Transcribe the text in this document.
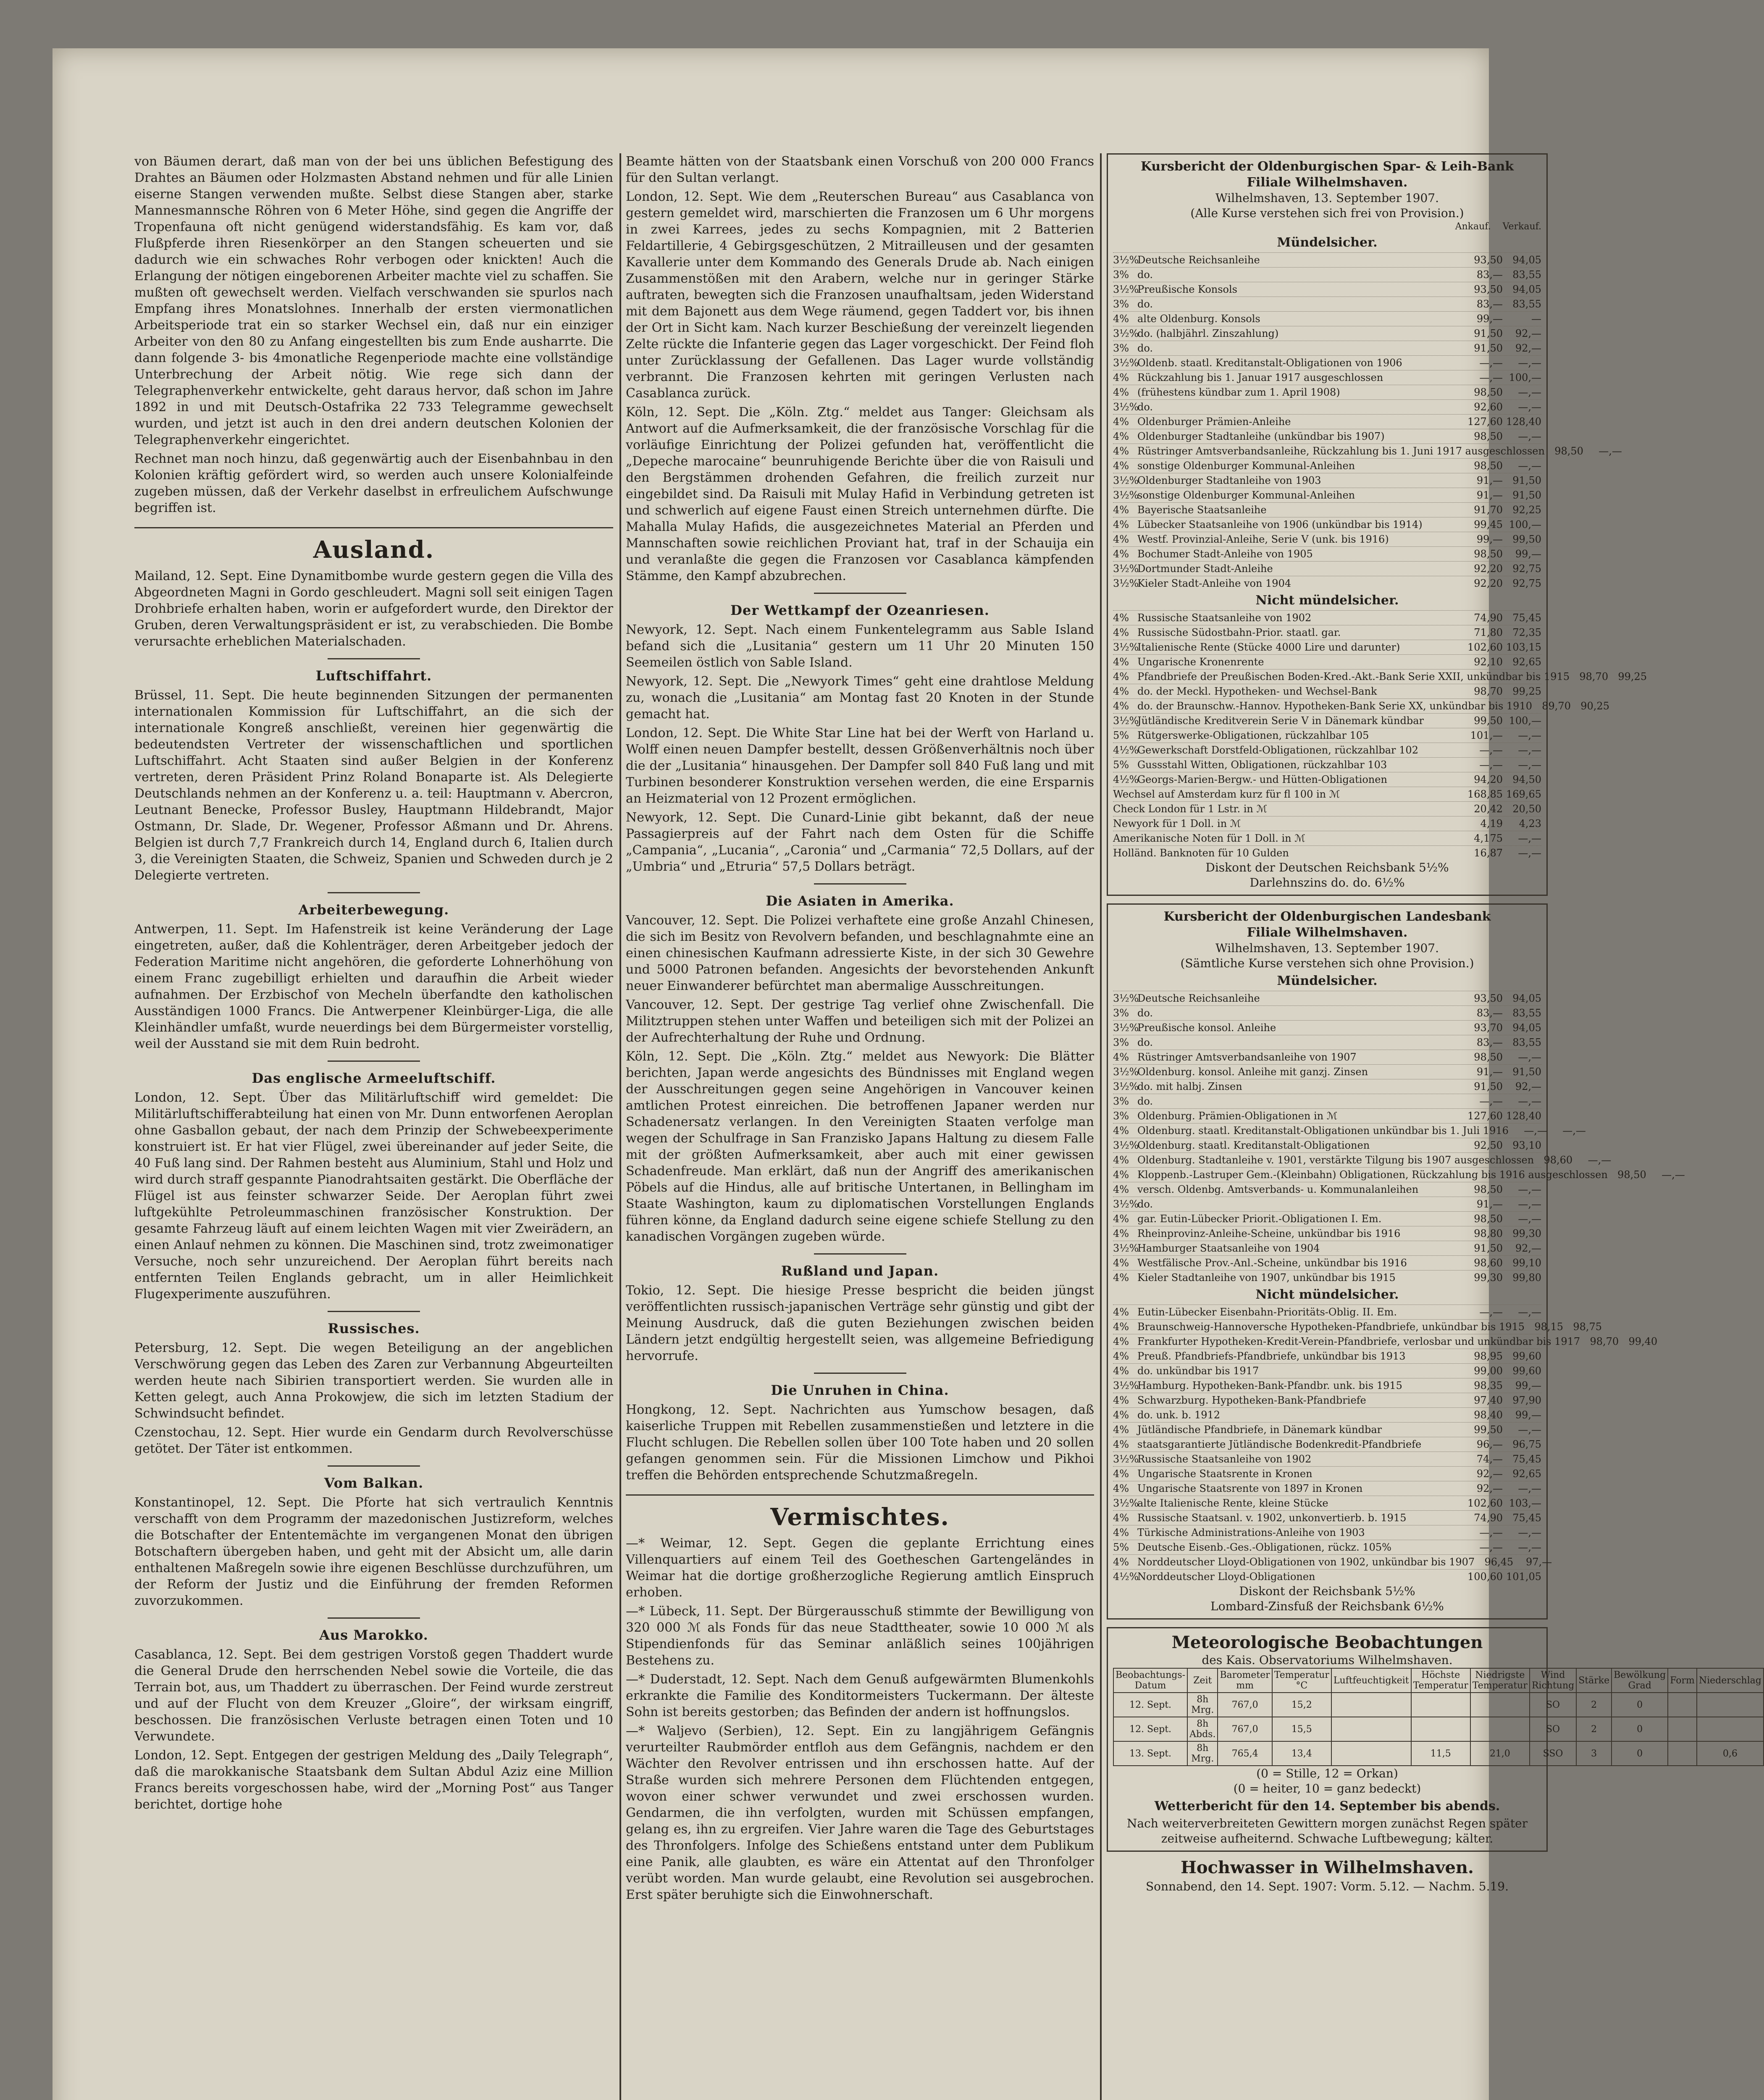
von Bäumen derart, daß man von der bei uns üblichen Befestigung des Drahtes an Bäumen oder Holzmasten Abstand nehmen und für alle Linien eiserne Stangen verwenden mußte. Selbst diese Stangen aber, starke Mannesmannsche Röhren von 6 Meter Höhe, sind gegen die Angriffe der Tropenfauna oft nicht genügend widerstandsfähig. Es kam vor, daß Flußpferde ihren Riesenkörper an den Stangen scheuerten und sie dadurch wie ein schwaches Rohr verbogen oder knickten! Auch die Erlangung der nötigen eingeborenen Arbeiter machte viel zu schaffen. Sie mußten oft gewechselt werden. Vielfach verschwanden sie spurlos nach Empfang ihres Monatslohnes. Innerhalb der ersten viermonatlichen Arbeitsperiode trat ein so starker Wechsel ein, daß nur ein einziger Arbeiter von den 80 zu Anfang eingestellten bis zum Ende ausharrte. Die dann folgende 3- bis 4monatliche Regenperiode machte eine vollständige Unterbrechung der Arbeit nötig. Wie rege sich dann der Telegraphenverkehr entwickelte, geht daraus hervor, daß schon im Jahre 1892 in und mit Deutsch-Ostafrika 22 733 Telegramme gewechselt wurden, und jetzt ist auch in den drei andern deutschen Kolonien der Telegraphenverkehr eingerichtet.

Rechnet man noch hinzu, daß gegenwärtig auch der Eisenbahnbau in den Kolonien kräftig gefördert wird, so werden auch unsere Kolonialfeinde zugeben müssen, daß der Verkehr daselbst in erfreulichem Aufschwunge begriffen ist.

Ausland.

Mailand, 12. Sept. Eine Dynamitbombe wurde gestern gegen die Villa des Abgeordneten Magni in Gordo geschleudert. Magni soll seit einigen Tagen Drohbriefe erhalten haben, worin er aufgefordert wurde, den Direktor der Gruben, deren Verwaltungspräsident er ist, zu verabschieden. Die Bombe verursachte erheblichen Materialschaden.

Luftschiffahrt.

Brüssel, 11. Sept. Die heute beginnenden Sitzungen der permanenten internationalen Kommission für Luftschiffahrt, an die sich der internationale Kongreß anschließt, vereinen hier gegenwärtig die bedeutendsten Vertreter der wissenschaftlichen und sportlichen Luftschiffahrt. Acht Staaten sind außer Belgien in der Konferenz vertreten, deren Präsident Prinz Roland Bonaparte ist. Als Delegierte Deutschlands nehmen an der Konferenz u. a. teil: Hauptmann v. Abercron, Leutnant Benecke, Professor Busley, Hauptmann Hildebrandt, Major Ostmann, Dr. Slade, Dr. Wegener, Professor Aßmann und Dr. Ahrens. Belgien ist durch 7,7 Frankreich durch 14, England durch 6, Italien durch 3, die Vereinigten Staaten, die Schweiz, Spanien und Schweden durch je 2 Delegierte vertreten.

Arbeiterbewegung.

Antwerpen, 11. Sept. Im Hafenstreik ist keine Veränderung der Lage eingetreten, außer, daß die Kohlenträger, deren Arbeitgeber jedoch der Federation Maritime nicht angehören, die geforderte Lohnerhöhung von einem Franc zugebilligt erhielten und daraufhin die Arbeit wieder aufnahmen. Der Erzbischof von Mecheln überfandte den katholischen Ausständigen 1000 Francs. Die Antwerpener Kleinbürger-Liga, die alle Kleinhändler umfaßt, wurde neuerdings bei dem Bürgermeister vorstellig, weil der Ausstand sie mit dem Ruin bedroht.

Das englische Armeeluftschiff.

London, 12. Sept. Über das Militärluftschiff wird gemeldet: Die Militärluftschifferabteilung hat einen von Mr. Dunn entworfenen Aeroplan ohne Gasballon gebaut, der nach dem Prinzip der Schwebeexperimente konstruiert ist. Er hat vier Flügel, zwei übereinander auf jeder Seite, die 40 Fuß lang sind. Der Rahmen besteht aus Aluminium, Stahl und Holz und wird durch straff gespannte Pianodrahtsaiten gestärkt. Die Oberfläche der Flügel ist aus feinster schwarzer Seide. Der Aeroplan führt zwei luftgekühlte Petroleummaschinen französischer Konstruktion. Der gesamte Fahrzeug läuft auf einem leichten Wagen mit vier Zweirädern, an einen Anlauf nehmen zu können. Die Maschinen sind, trotz zweimonatiger Versuche, noch sehr unzureichend. Der Aeroplan führt bereits nach entfernten Teilen Englands gebracht, um in aller Heimlichkeit Flugexperimente auszuführen.

Russisches.

Petersburg, 12. Sept. Die wegen Beteiligung an der angeblichen Verschwörung gegen das Leben des Zaren zur Verbannung Abgeurteilten werden heute nach Sibirien transportiert werden. Sie wurden alle in Ketten gelegt, auch Anna Prokowjew, die sich im letzten Stadium der Schwindsucht befindet.

Czenstochau, 12. Sept. Hier wurde ein Gendarm durch Revolverschüsse getötet. Der Täter ist entkommen.

Vom Balkan.

Konstantinopel, 12. Sept. Die Pforte hat sich vertraulich Kenntnis verschafft von dem Programm der mazedonischen Justizreform, welches die Botschafter der Ententemächte im vergangenen Monat den übrigen Botschaftern übergeben haben, und geht mit der Absicht um, alle darin enthaltenen Maßregeln sowie ihre eigenen Beschlüsse durchzuführen, um der Reform der Justiz und die Einführung der fremden Reformen zuvorzukommen.

Aus Marokko.

Casablanca, 12. Sept. Bei dem gestrigen Vorstoß gegen Thaddert wurde die General Drude den herrschenden Nebel sowie die Vorteile, die das Terrain bot, aus, um Thaddert zu überraschen. Der Feind wurde zerstreut und auf der Flucht von dem Kreuzer „Gloire“, der wirksam eingriff, beschossen. Die französischen Verluste betragen einen Toten und 10 Verwundete.

London, 12. Sept. Entgegen der gestrigen Meldung des „Daily Telegraph“, daß die marokkanische Staatsbank dem Sultan Abdul Aziz eine Million Francs bereits vorgeschossen habe, wird der „Morning Post“ aus Tanger berichtet, dortige hohe

Beamte hätten von der Staatsbank einen Vorschuß von 200 000 Francs für den Sultan verlangt.

London, 12. Sept. Wie dem „Reuterschen Bureau“ aus Casablanca von gestern gemeldet wird, marschierten die Franzosen um 6 Uhr morgens in zwei Karrees, jedes zu sechs Kompagnien, mit 2 Batterien Feldartillerie, 4 Gebirgsgeschützen, 2 Mitrailleusen und der gesamten Kavallerie unter dem Kommando des Generals Drude ab. Nach einigen Zusammenstößen mit den Arabern, welche nur in geringer Stärke auftraten, bewegten sich die Franzosen unaufhaltsam, jeden Widerstand mit dem Bajonett aus dem Wege räumend, gegen Taddert vor, bis ihnen der Ort in Sicht kam. Nach kurzer Beschießung der vereinzelt liegenden Zelte rückte die Infanterie gegen das Lager vorgeschickt. Der Feind floh unter Zurücklassung der Gefallenen. Das Lager wurde vollständig verbrannt. Die Franzosen kehrten mit geringen Verlusten nach Casablanca zurück.

Köln, 12. Sept. Die „Köln. Ztg.“ meldet aus Tanger: Gleichsam als Antwort auf die Aufmerksamkeit, die der französische Vorschlag für die vorläufige Einrichtung der Polizei gefunden hat, veröffentlicht die „Depeche marocaine“ beunruhigende Berichte über die von Raisuli und den Bergstämmen drohenden Gefahren, die freilich zurzeit nur eingebildet sind. Da Raisuli mit Mulay Hafid in Verbindung getreten ist und schwerlich auf eigene Faust einen Streich unternehmen dürfte. Die Mahalla Mulay Hafids, die ausgezeichnetes Material an Pferden und Mannschaften sowie reichlichen Proviant hat, traf in der Schauija ein und veranlaßte die gegen die Franzosen vor Casablanca kämpfenden Stämme, den Kampf abzubrechen.

Der Wettkampf der Ozeanriesen.

Newyork, 12. Sept. Nach einem Funkentelegramm aus Sable Island befand sich die „Lusitania“ gestern um 11 Uhr 20 Minuten 150 Seemeilen östlich von Sable Island.

Newyork, 12. Sept. Die „Newyork Times“ geht eine drahtlose Meldung zu, wonach die „Lusitania“ am Montag fast 20 Knoten in der Stunde gemacht hat.

London, 12. Sept. Die White Star Line hat bei der Werft von Harland u. Wolff einen neuen Dampfer bestellt, dessen Größenverhältnis noch über die der „Lusitania“ hinausgehen. Der Dampfer soll 840 Fuß lang und mit Turbinen besonderer Konstruktion versehen werden, die eine Ersparnis an Heizmaterial von 12 Prozent ermöglichen.

Newyork, 12. Sept. Die Cunard-Linie gibt bekannt, daß der neue Passagierpreis auf der Fahrt nach dem Osten für die Schiffe „Campania“, „Lucania“, „Caronia“ und „Carmania“ 72,5 Dollars, auf der „Umbria“ und „Etruria“ 57,5 Dollars beträgt.

Die Asiaten in Amerika.

Vancouver, 12. Sept. Die Polizei verhaftete eine große Anzahl Chinesen, die sich im Besitz von Revolvern befanden, und beschlagnahmte eine an einen chinesischen Kaufmann adressierte Kiste, in der sich 30 Gewehre und 5000 Patronen befanden. Angesichts der bevorstehenden Ankunft neuer Einwanderer befürchtet man abermalige Ausschreitungen.

Vancouver, 12. Sept. Der gestrige Tag verlief ohne Zwischenfall. Die Militztruppen stehen unter Waffen und beteiligen sich mit der Polizei an der Aufrechterhaltung der Ruhe und Ordnung.

Köln, 12. Sept. Die „Köln. Ztg.“ meldet aus Newyork: Die Blätter berichten, Japan werde angesichts des Bündnisses mit England wegen der Ausschreitungen gegen seine Angehörigen in Vancouver keinen amtlichen Protest einreichen. Die betroffenen Japaner werden nur Schadenersatz verlangen. In den Vereinigten Staaten verfolge man wegen der Schulfrage in San Franzisko Japans Haltung zu diesem Falle mit der größten Aufmerksamkeit, aber auch mit einer gewissen Schadenfreude. Man erklärt, daß nun der Angriff des amerikanischen Pöbels auf die Hindus, alle auf britische Untertanen, in Bellingham im Staate Washington, kaum zu diplomatischen Vorstellungen Englands führen könne, da England dadurch seine eigene schiefe Stellung zu den kanadischen Vorgängen zugeben würde.

Rußland und Japan.

Tokio, 12. Sept. Die hiesige Presse bespricht die beiden jüngst veröffentlichten russisch-japanischen Verträge sehr günstig und gibt der Meinung Ausdruck, daß die guten Beziehungen zwischen beiden Ländern jetzt endgültig hergestellt seien, was allgemeine Befriedigung hervorrufe.

Die Unruhen in China.

Hongkong, 12. Sept. Nachrichten aus Yumschow besagen, daß kaiserliche Truppen mit Rebellen zusammenstießen und letztere in die Flucht schlugen. Die Rebellen sollen über 100 Tote haben und 20 sollen gefangen genommen sein. Für die Missionen Limchow und Pikhoi treffen die Behörden entsprechende Schutzmaßregeln.

Vermischtes.

—* Weimar, 12. Sept. Gegen die geplante Errichtung eines Villenquartiers auf einem Teil des Goetheschen Gartengeländes in Weimar hat die dortige großherzogliche Regierung amtlich Einspruch erhoben.

—* Lübeck, 11. Sept. Der Bürgerausschuß stimmte der Bewilligung von 320 000 ℳ als Fonds für das neue Stadttheater, sowie 10 000 ℳ als Stipendienfonds für das Seminar anläßlich seines 100jährigen Bestehens zu.

—* Duderstadt, 12. Sept. Nach dem Genuß aufgewärmten Blumenkohls erkrankte die Familie des Konditormeisters Tuckermann. Der älteste Sohn ist bereits gestorben; das Befinden der andern ist hoffnungslos.

—* Waljevo (Serbien), 12. Sept. Ein zu langjährigem Gefängnis verurteilter Raubmörder entfloh aus dem Gefängnis, nachdem er den Wächter den Revolver entrissen und ihn erschossen hatte. Auf der Straße wurden sich mehrere Personen dem Flüchtenden entgegen, wovon einer schwer verwundet und zwei erschossen wurden. Gendarmen, die ihn verfolgten, wurden mit Schüssen empfangen, gelang es, ihn zu ergreifen. Vier Jahre waren die Tage des Geburtstages des Thronfolgers. Infolge des Schießens entstand unter dem Publikum eine Panik, alle glaubten, es wäre ein Attentat auf den Thronfolger verübt worden. Man wurde gelaubt, eine Revolution sei ausgebrochen. Erst später beruhigte sich die Einwohnerschaft.

Kursbericht der Oldenburgischen Spar- & Leih-Bank

Filiale Wilhelmshaven.

Wilhelmshaven, 13. September 1907.

(Alle Kurse verstehen sich frei von Provision.)

Ankauf. Verkauf.

Mündelsicher.

3½%
Deutsche Reichsanleihe	93,50 94,05
3% do.	83,— 83,55
3½%
Preußische Konsols	93,50 94,05
3% do.	83,— 83,55
4% alte Oldenburg. Konsols	99,—	—
3½%
do. (halbjährl. Zinszahlung)	91,50	92,—
3% do.	91,50	92,—
3½%
Oldenb. staatl. Kreditanstalt-Obligationen von 1906	—,—	—,—
4% Rückzahlung bis 1. Januar 1917 ausgeschlossen	—,— 100,—
4% (frühestens kündbar zum 1. April 1908)	98,50	—,—
3½%
do.	92,60	—,—
4% Oldenburger Prämien-Anleihe	127,60 128,40
4% Oldenburger Stadtanleihe (unkündbar bis 1907)	98,50	—,—
4% Rüstringer Amtsverbandsanleihe, Rückzahlung bis 1. Juni 1917 ausgeschlossen 98,50	—,—
4% sonstige Oldenburger Kommunal-Anleihen	98,50	—,—
3½%
Oldenburger Stadtanleihe von 1903	91,— 91,50
3½%
sonstige Oldenburger Kommunal-Anleihen	91,— 91,50
4% Bayerische Staatsanleihe	91,70 92,25
4% Lübecker Staatsanleihe von 1906 (unkündbar bis 1914)	99,45 100,—
4% Westf. Provinzial-Anleihe, Serie V (unk. bis 1916)	99,— 99,50
4% Bochumer Stadt-Anleihe von 1905	98,50	99,—
3½%
Dortmunder Stadt-Anleihe	92,20 92,75
3½%
Kieler Stadt-Anleihe von 1904	92,20 92,75

Nicht mündelsicher.

4% Russische Staatsanleihe von 1902	74,90 75,45
4% Russische Südostbahn-Prior. staatl. gar.	71,80 72,35
3½%
Italienische Rente (Stücke 4000 Lire und darunter)	102,60 103,15
4% Ungarische Kronenrente	92,10 92,65
4% Pfandbriefe der Preußischen Boden-Kred.-Akt.-Bank Serie XXII, unkündbar bis 1915 98,70 99,25
4% do. der Meckl. Hypotheken- und Wechsel-Bank	98,70 99,25
4% do. der Braunschw.-Hannov. Hypotheken-Bank Serie XX, unkündbar bis 1910 89,70 90,25
3½%
Jütländische Kreditverein Serie V in Dänemark kündbar	99,50 100,—
5% Rütgerswerke-Obligationen, rückzahlbar 105	101,—	—,—
4½%
Gewerkschaft Dorstfeld-Obligationen, rückzahlbar 102	—,—	—,—
5% Gussstahl Witten, Obligationen, rückzahlbar 103	—,—	—,—
4½%
Georgs-Marien-Bergw.- und Hütten-Obligationen	94,20 94,50
Wechsel auf Amsterdam kurz für fl 100 in ℳ	168,85 169,65
Check London für 1 Lstr. in ℳ	20,42 20,50
Newyork für 1 Doll. in ℳ	4,19	4,23
Amerikanische Noten für 1 Doll. in ℳ	4,175	—,—
Holländ. Banknoten für 10 Gulden	16,87	—,—

Diskont der Deutschen Reichsbank 5½%

Darlehnszins do. do. 6½%

Kursbericht der Oldenburgischen Landesbank

Filiale Wilhelmshaven.

Wilhelmshaven, 13. September 1907.

(Sämtliche Kurse verstehen sich ohne Provision.)

Mündelsicher.

3½%
Deutsche Reichsanleihe	93,50 94,05
3% do.	83,— 83,55
3½%
Preußische konsol. Anleihe	93,70 94,05
3% do.	83,— 83,55
4% Rüstringer Amtsverbandsanleihe von 1907	98,50	—,—
3½%
Oldenburg. konsol. Anleihe mit ganzj. Zinsen	91,— 91,50
3½%
do. mit halbj. Zinsen	91,50	92,—
3% do.	—,—	—,—
3% Oldenburg. Prämien-Obligationen in ℳ	127,60 128,40
4% Oldenburg. staatl. Kreditanstalt-Obligationen unkündbar bis 1. Juli 1916	—,—	—,—
3½%
Oldenburg. staatl. Kreditanstalt-Obligationen	92,50 93,10
4% Oldenburg. Stadtanleihe v. 1901, verstärkte Tilgung bis 1907 ausgeschlossen 98,60	—,—
4% Kloppenb.-Lastruper Gem.-(Kleinbahn) Obligationen, Rückzahlung bis 1916 ausgeschlossen 98,50	—,—
4% versch. Oldenbg. Amtsverbands- u. Kommunalanleihen	98,50	—,—
3½%
do.	91,—	—,—
4% gar. Eutin-Lübecker Priorit.-Obligationen I. Em.	98,50	—,—
4% Rheinprovinz-Anleihe-Scheine, unkündbar bis 1916	98,80 99,30
3½%
Hamburger Staatsanleihe von 1904	91,50	92,—
4% Westfälische Prov.-Anl.-Scheine, unkündbar bis 1916	98,60 99,10
4% Kieler Stadtanleihe von 1907, unkündbar bis 1915	99,30 99,80

Nicht mündelsicher.

4% Eutin-Lübecker Eisenbahn-Prioritäts-Oblig. II. Em.	—,—	—,—
4% Braunschweig-Hannoversche Hypotheken-Pfandbriefe, unkündbar bis 1915 98,15 98,75
4% Frankfurter Hypotheken-Kredit-Verein-Pfandbriefe, verlosbar und unkündbar bis 1917 98,70 99,40
4% Preuß. Pfandbriefs-Pfandbriefe, unkündbar bis 1913	98,95 99,60
4% do. unkündbar bis 1917	99,00 99,60
3½%
Hamburg. Hypotheken-Bank-Pfandbr. unk. bis 1915	98,35	99,—
4% Schwarzburg. Hypotheken-Bank-Pfandbriefe	97,40 97,90
4% do. unk. b. 1912	98,40	99,—
4% Jütländische Pfandbriefe, in Dänemark kündbar	99,50	—,—
4% staatsgarantierte Jütländische Bodenkredit-Pfandbriefe	96,— 96,75
3½%
Russische Staatsanleihe von 1902	74,— 75,45
4% Ungarische Staatsrente in Kronen	92,— 92,65
4% Ungarische Staatsrente von 1897 in Kronen	92,—	—,—
3½%
alte Italienische Rente, kleine Stücke	102,60 103,—
4% Russische Staatsanl. v. 1902, unkonvertierb. b. 1915	74,90 75,45
4% Türkische Administrations-Anleihe von 1903	—,—	—,—
5% Deutsche Eisenb.-Ges.-Obligationen, rückz. 105%	—,—	—,—
4% Norddeutscher Lloyd-Obligationen von 1902, unkündbar bis 1907 96,45	97,—
4½%
Norddeutscher Lloyd-Obligationen	100,60 101,05

Diskont der Reichsbank 5½%

Lombard-Zinsfuß der Reichsbank 6½%

Meteorologische Beobachtungen

des Kais. Observatoriums Wilhelmshaven.

Beobachtungs-Datum	Zeit	Barometer mm	Temperatur °C	Luftfeuchtigkeit	Höchste Temperatur	Niedrigste Temperatur	Wind Richtung	Stärke	Bewölkung Grad	Form	Niederschlag
12. Sept.	8h Mrg.	767,0	15,2				SO	2	0		
12. Sept.	8h Abds.	767,0	15,5				SO	2	0		
13. Sept.	8h Mrg.	765,4	13,4		11,5	21,0	SSO	3	0		0,6

(0 = Stille, 12 = Orkan)

(0 = heiter, 10 = ganz bedeckt)

Wetterbericht für den 14. September bis abends.

Nach weiterverbreiteten Gewittern morgen zunächst Regen später zeitweise aufheiternd. Schwache Luftbewegung; kälter.

Hochwasser in Wilhelmshaven.

Sonnabend, den 14. Sept. 1907: Vorm. 5.12. — Nachm. 5.19.
